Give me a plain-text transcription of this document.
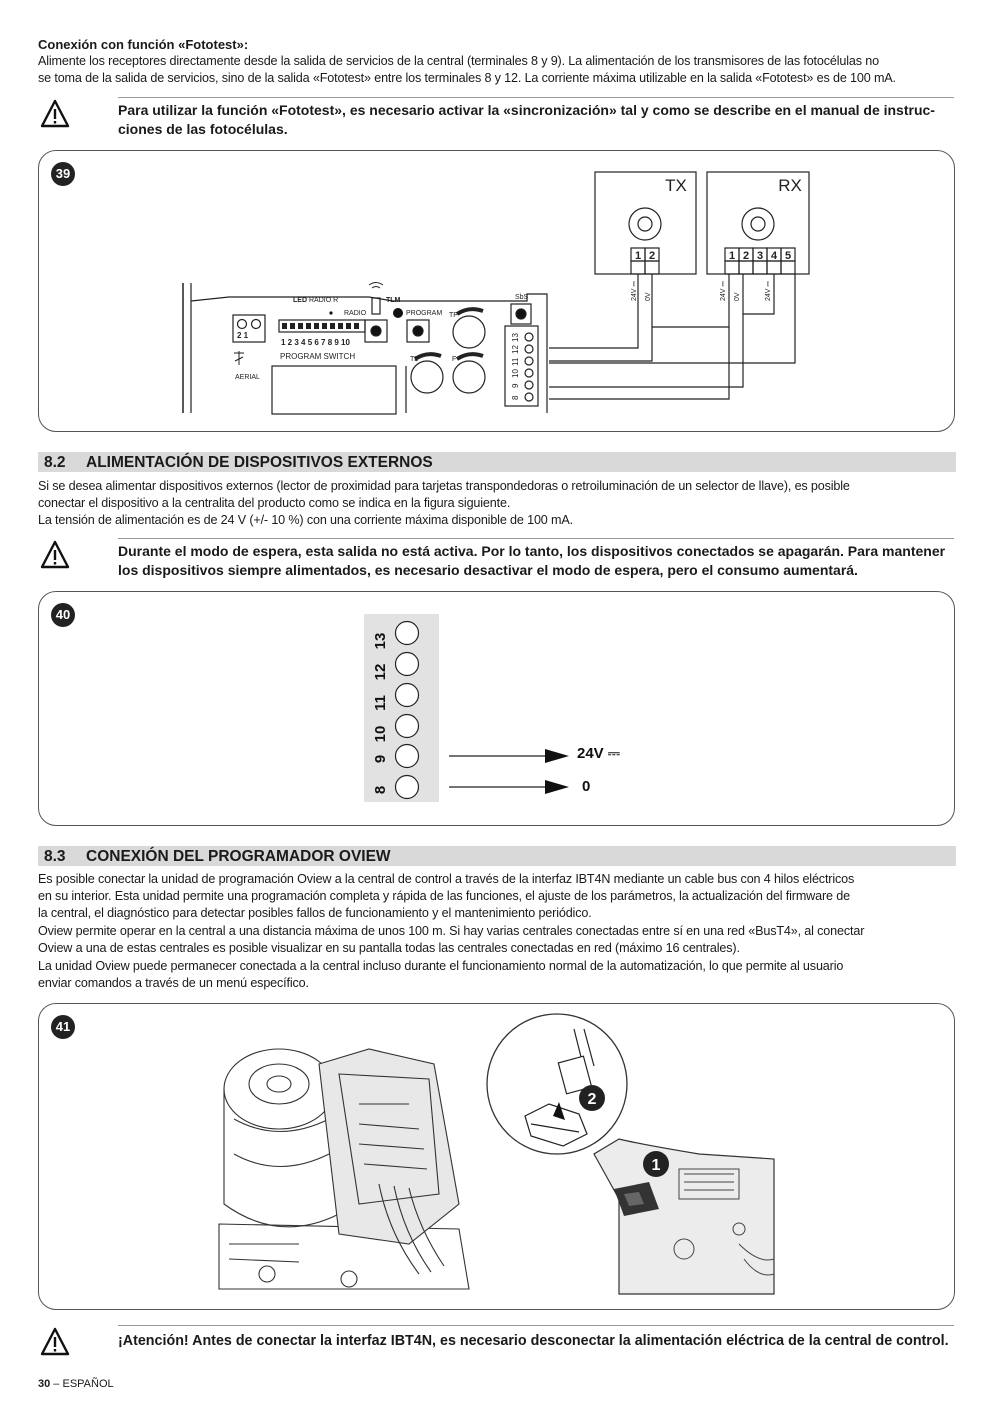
Conexión con función «Fototest»:
Alimente los receptores directamente desde la salida de servicios de la central (terminales 8 y 9). La alimentación de los transmisores de las fotocélulas no
se toma de la salida de servicios, sino de la salida «Fototest» entre los terminales 8 y 12. La corriente máxima utilizable en la salida «Fototest» es de 100 mA.
Para utilizar la función «Fototest», es necesario activar la «sincronización» tal y como se describe en el manual de instruc-
ciones de las fotocélulas.
39
TX	RX
1 2	1 2 3 4 5
24V ⎓ 0V	24V ⎓ 0V	24V ⎓
LED RADIO R
RADIO
TLM
PROGRAM
SbS
TP
TL	F
1 2 3 4 5 6 7 8 9 10
PROGRAM SWITCH
AERIAL
2 1	13
12
11
10
9
8
8.2 ALIMENTACIÓN DE DISPOSITIVOS EXTERNOS
Si se desea alimentar dispositivos externos (lector de proximidad para tarjetas transpondedoras o retroiluminación de un selector de llave), es posible
conectar el dispositivo a la centralita del producto como se indica en la figura siguiente.
La tensión de alimentación es de 24 V (+/- 10 %) con una corriente máxima disponible de 100 mA.
Durante el modo de espera, esta salida no está activa. Por lo tanto, los dispositivos conectados se apagarán. Para mantener
los dispositivos siempre alimentados, es necesario desactivar el modo de espera, pero el consumo aumentará.
40
13
12
11
10
9
8
24V ⎓
0
8.3 CONEXIÓN DEL PROGRAMADOR OVIEW
Es posible conectar la unidad de programación Oview a la central de control a través de la interfaz IBT4N mediante un cable bus con 4 hilos eléctricos
en su interior. Esta unidad permite una programación completa y rápida de las funciones, el ajuste de los parámetros, la actualización del firmware de
la central, el diagnóstico para detectar posibles fallos de funcionamiento y el mantenimiento periódico.
Oview permite operar en la central a una distancia máxima de unos 100 m. Si hay varias centrales conectadas entre sí en una red «BusT4», al conectar
Oview a una de estas centrales es posible visualizar en su pantalla todas las centrales conectadas en red (máximo 16 centrales).
La unidad Oview puede permanecer conectada a la central incluso durante el funcionamiento normal de la automatización, lo que permite al usuario
enviar comandos a través de un menú específico.
41
2
1
¡Atención! Antes de conectar la interfaz IBT4N, es necesario desconectar la alimentación eléctrica de la central de control.
30 – ESPAÑOL
